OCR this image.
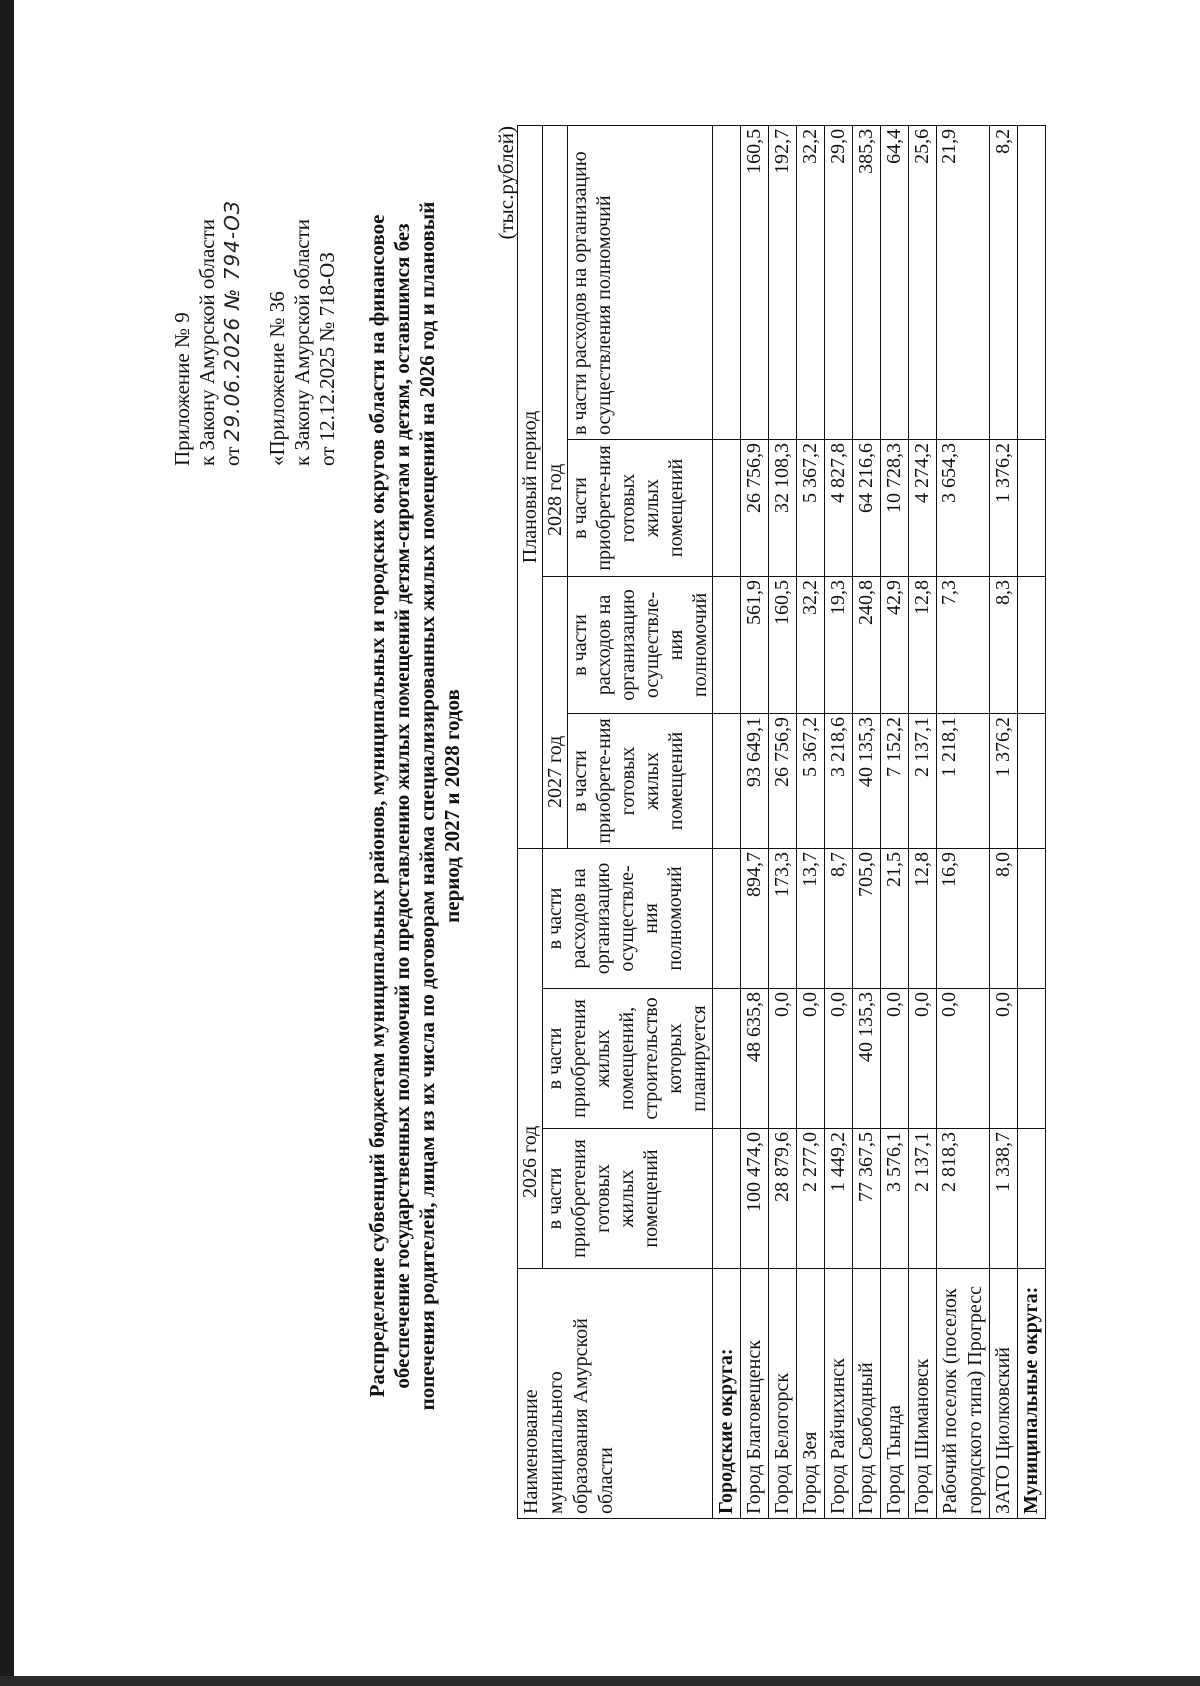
Приложение № 9 к Закону Амурской области от 29.06.2026 № 794-ОЗ «Приложение № 36 к Закону Амурской области от 12.12.2025 № 718-ОЗ Распределение субвенций бюджетам муниципальных районов, муниципальных и городских округов области на финансовое обеспечение государственных полномочий по предоставлению жилых помещений детям-сиротам и детям, оставшимся без попечения родителей, лицам из их числа по договорам найма специализированных жилых помещений на 2026 год и плановый период 2027 и 2028 годов
(тыс.рублей)
Наименование муниципального образования Амурской области	2026 год			Плановый период			
	в части приобретения готовых жилых помещений	в части приобретения жилых помещений, строительство которых планируется	в части расходов на организацию осуществле-ния полномочий	2027 год		2028 год	
				в части приобрете-ния готовых жилых помещений	в части расходов на организацию осуществле-ния полномочий	в части приобрете-ния готовых жилых помещений	в части расходов на организацию осуществления полномочий
Городские округа:							
Город Благовещенск	100 474,0	48 635,8	894,7	93 649,1	561,9	26 756,9	160,5
Город Белогорск	28 879,6	0,0	173,3	26 756,9	160,5	32 108,3	192,7
Город Зея	2 277,0	0,0	13,7	5 367,2	32,2	5 367,2	32,2
Город Райчихинск	1 449,2	0,0	8,7	3 218,6	19,3	4 827,8	29,0
Город Свободный	77 367,5	40 135,3	705,0	40 135,3	240,8	64 216,6	385,3
Город Тында	3 576,1	0,0	21,5	7 152,2	42,9	10 728,3	64,4
Город Шимановск	2 137,1	0,0	12,8	2 137,1	12,8	4 274,2	25,6
Рабочий поселок (поселок городского типа) Прогресс	2 818,3	0,0	16,9	1 218,1	7,3	3 654,3	21,9
ЗАТО Циолковский	1 338,7	0,0	8,0	1 376,2	8,3	1 376,2	8,2
Муниципальные округа:							
